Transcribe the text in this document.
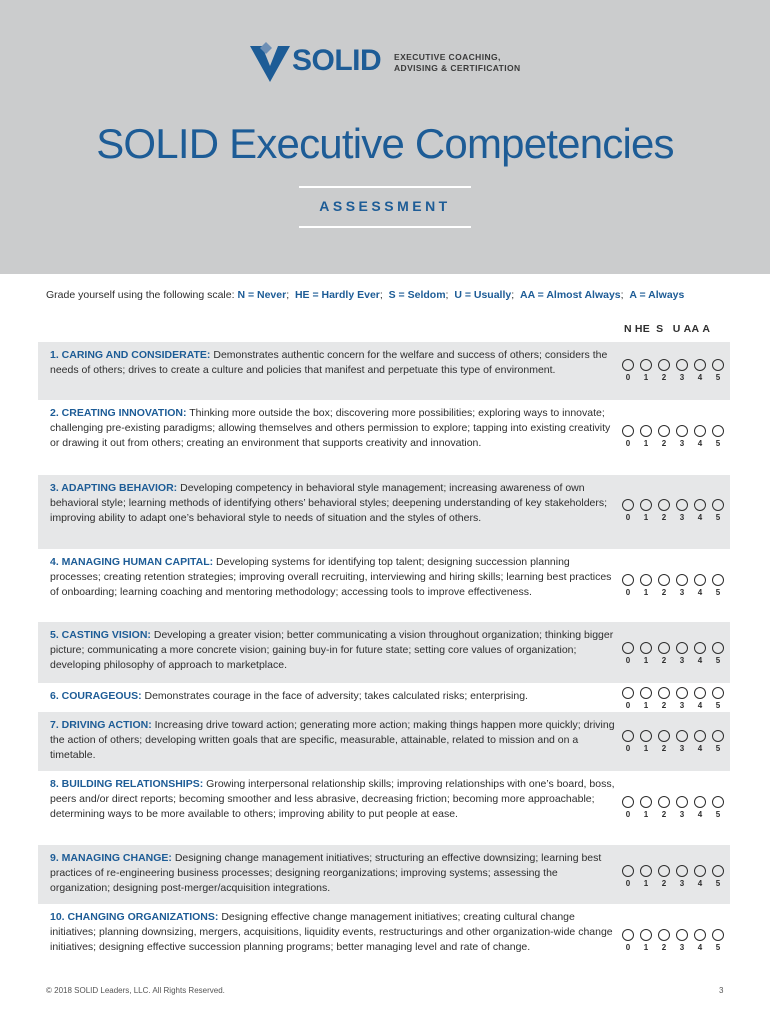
SOLID EXECUTIVE COACHING,
ADVISING & CERTIFICATION
SOLID Executive Competencies
ASSESSMENT
Grade yourself using the following scale: N = Never;  HE = Hardly Ever;  S = Seldom;  U = Usually;  AA = Almost Always;  A = Always
N HE S U AA A
1. CARING AND CONSIDERATE: Demonstrates authentic concern for the welfare and success of others; considers the needs of others; drives to create a culture and policies that manifest and perpetuate this type of environment.
0	1	2	3	4	5
2. CREATING INNOVATION: Thinking more outside the box; discovering more possibilities; exploring ways to innovate; challenging pre-existing paradigms; allowing themselves and others permission to explore; tapping into existing creativity or drawing it out from others; creating an environment that supports creativity and innovation.	0	1	2	3	4	5
3. ADAPTING BEHAVIOR: Developing competency in behavioral style management; increasing awareness of own behavioral style; learning methods of identifying others’ behavioral styles; deepening understanding of key stakeholders; improving ability to adapt one’s behavioral style to needs of situation and the styles of others.	0	1	2	3	4	5
4. MANAGING HUMAN CAPITAL: Developing systems for identifying top talent; designing succession planning processes; creating retention strategies; improving overall recruiting, interviewing and hiring skills; learning best practices of onboarding; learning coaching and mentoring methodology; accessing tools to improve effectiveness.	0	1	2	3	4	5
5. CASTING VISION: Developing a greater vision; better communicating a vision throughout organization; thinking bigger picture; communicating a more concrete vision; gaining buy-in for future state; setting core values of organization; developing philosophy of approach to marketplace.	0	1	2	3	4	5
6. COURAGEOUS: Demonstrates courage in the face of adversity; takes calculated risks; enterprising.
0	1	2	3	4	5
7. DRIVING ACTION: Increasing drive toward action; generating more action; making things happen more quickly; driving the action of others; developing written goals that are specific, measurable, attainable, related to mission and on a timetable.
0	1	2	3	4	5
8. BUILDING RELATIONSHIPS: Growing interpersonal relationship skills; improving relationships with one’s board, boss, peers and/or direct reports; becoming smoother and less abrasive, decreasing friction; becoming more approachable; determining ways to be more available to others; improving ability to put people at ease.	0	1	2	3	4	5
9. MANAGING CHANGE: Designing change management initiatives; structuring an effective downsizing; learning best practices of re-engineering business processes; designing reorganizations; improving systems; assessing the organization; designing post-merger/acquisition integrations.	0	1	2	3	4	5
10. CHANGING ORGANIZATIONS: Designing effective change management initiatives; creating cultural change initiatives; planning downsizing, mergers, acquisitions, liquidity events, restructurings and other organization-wide change initiatives; designing effective succession planning programs; better managing level and rate of change.	0	1	2	3	4	5
© 2018 SOLID Leaders, LLC. All Rights Reserved.	3
